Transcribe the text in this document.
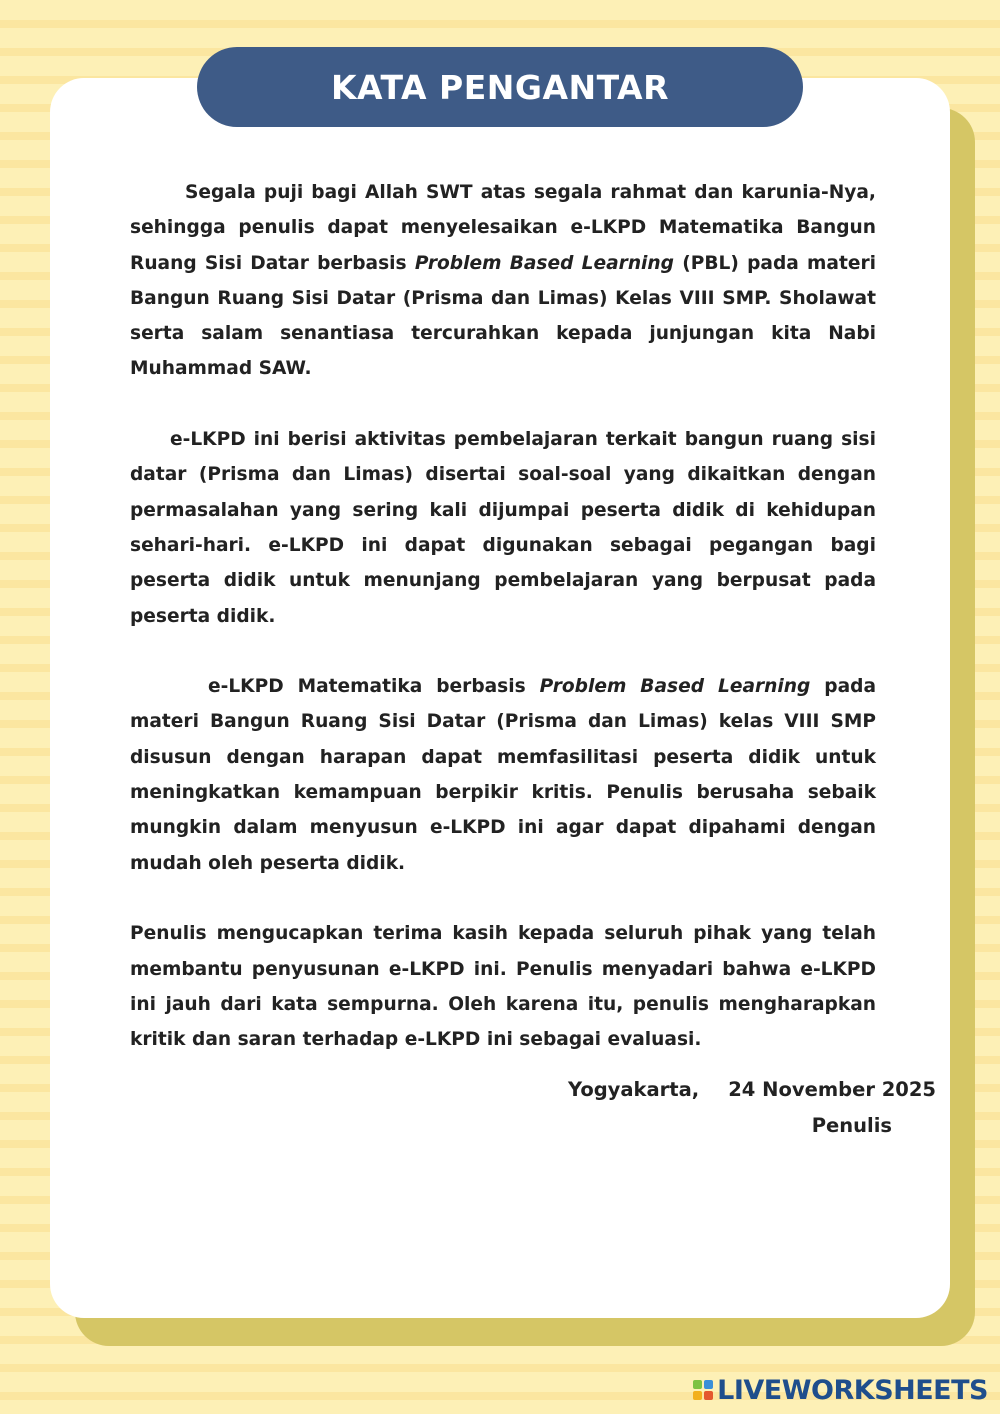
KATA PENGANTAR

Segala puji bagi Allah SWT atas segala rahmat dan karunia-Nya, sehingga penulis dapat menyelesaikan e-LKPD Matematika Bangun Ruang Sisi Datar berbasis Problem Based Learning (PBL) pada materi Bangun Ruang Sisi Datar (Prisma dan Limas) Kelas VIII SMP. Sholawat serta salam senantiasa tercurahkan kepada junjungan kita Nabi Muhammad SAW.

e-LKPD ini berisi aktivitas pembelajaran terkait bangun ruang sisi datar (Prisma dan Limas) disertai soal-soal yang dikaitkan dengan permasalahan yang sering kali dijumpai peserta didik di kehidupan sehari-hari. e-LKPD ini dapat digunakan sebagai pegangan bagi peserta didik untuk menunjang pembelajaran yang berpusat pada peserta didik.

e-LKPD Matematika berbasis Problem Based Learning pada materi Bangun Ruang Sisi Datar (Prisma dan Limas) kelas VIII SMP disusun dengan harapan dapat memfasilitasi peserta didik untuk meningkatkan kemampuan berpikir kritis. Penulis berusaha sebaik mungkin dalam menyusun e-LKPD ini agar dapat dipahami dengan mudah oleh peserta didik.

Penulis mengucapkan terima kasih kepada seluruh pihak yang telah membantu penyusunan e-LKPD ini. Penulis menyadari bahwa e-LKPD ini jauh dari kata sempurna. Oleh karena itu, penulis mengharapkan kritik dan saran terhadap e-LKPD ini sebagai evaluasi.

Yogyakarta, 24 November 2025
Penulis
LIVEWORKSHEETS
